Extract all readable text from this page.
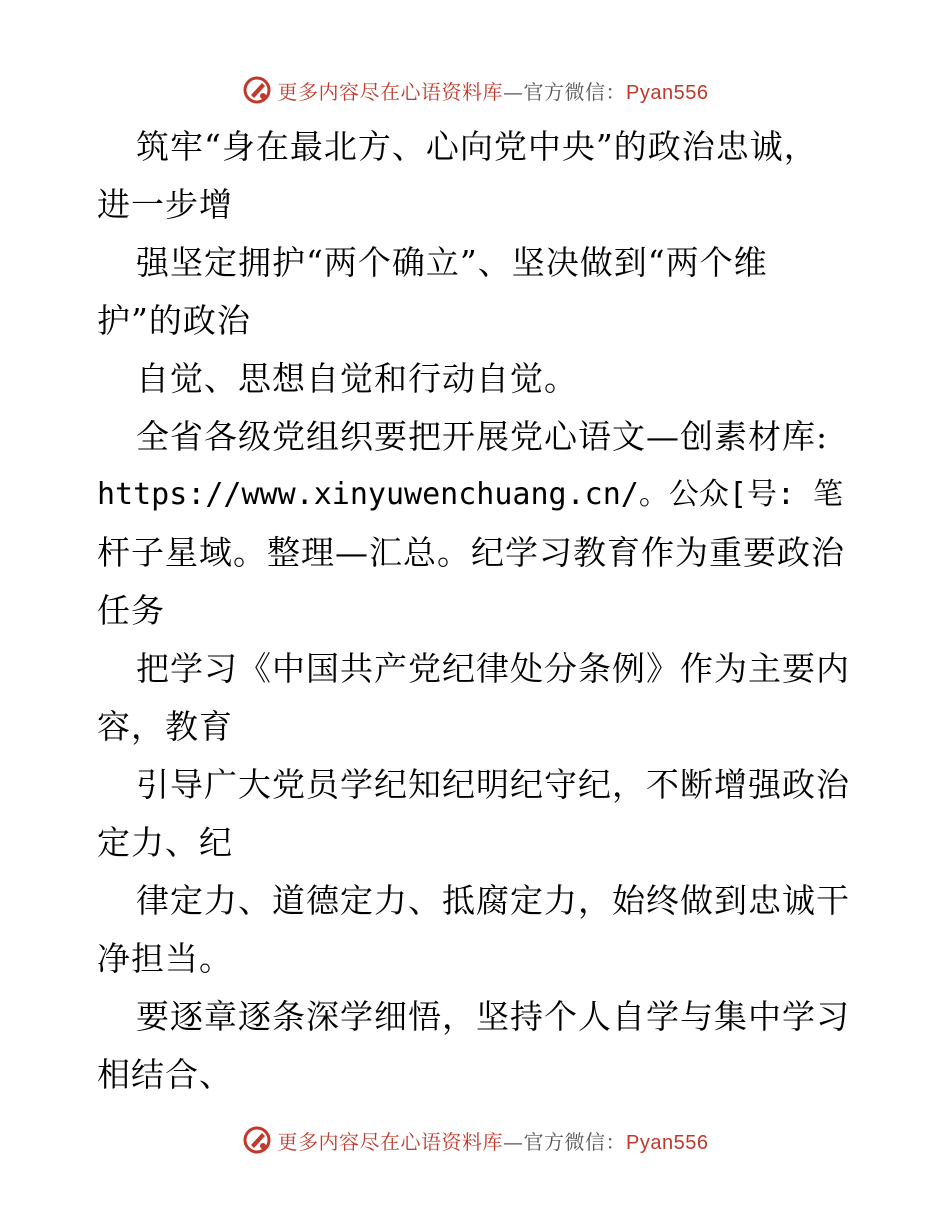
更多内容尽在心语资料库—官方微信：Pyan556
筑牢“身在最北方、心向党中央”的政治忠诚，
进一步增
强坚定拥护“两个确立”、坚决做到“两个维
护”的政治
自觉、思想自觉和行动自觉。
全省各级党组织要把开展党心语文—创素材库:
https://www.xinyuwenchuang.cn/。公众[号: 笔
杆子星域。整理—汇总。纪学习教育作为重要政治
任务
把学习《中国共产党纪律处分条例》作为主要内
容，教育
引导广大党员学纪知纪明纪守纪，不断增强政治
定力、纪
律定力、道德定力、抵腐定力，始终做到忠诚干
净担当。
要逐章逐条深学细悟，坚持个人自学与集中学习
相结合、
更多内容尽在心语资料库—官方微信：Pyan556
